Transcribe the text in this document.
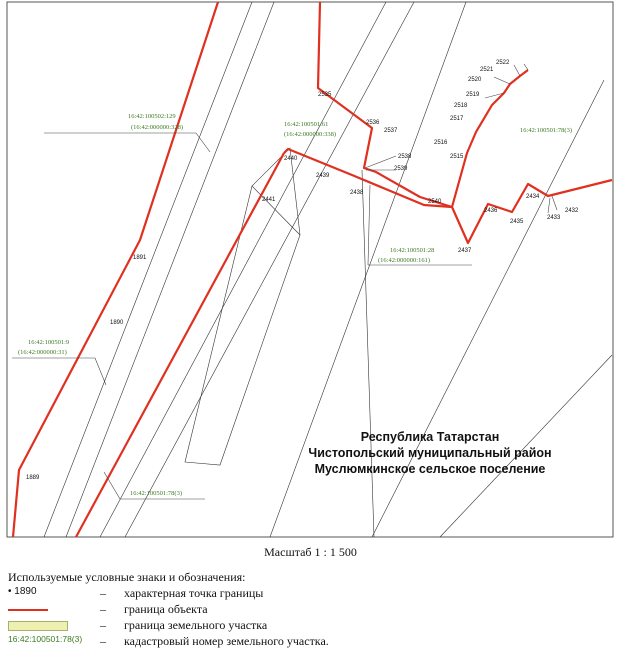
2535
2536
2537
2538
2539
2438
2439
2440
2441	2540
2437
2436
2435
2434
2433
2432
2515
2516
2517
2518
2519
2520
2521
2522
1891
1890
1889
16:42:100502:129
(16:42:000000:328)	16:42:100501:61
(16:42:000000:338)
16:42:100501:78(3)
16:42:100501:28
(16:42:000000:161)
16:42:100501:9
(16:42:000000:31)
16:42:100501:78(3)
Республика Татарстан
Чистопольский муниципальный район
Муслюмкинское сельское поселение
Масштаб 1 : 1 500
Используемые условные знаки и обозначения:
• 1890	– характерная точка границы
– граница объекта
– граница земельного участка
16:42:100501:78(3)	– кадастровый номер земельного участка.
